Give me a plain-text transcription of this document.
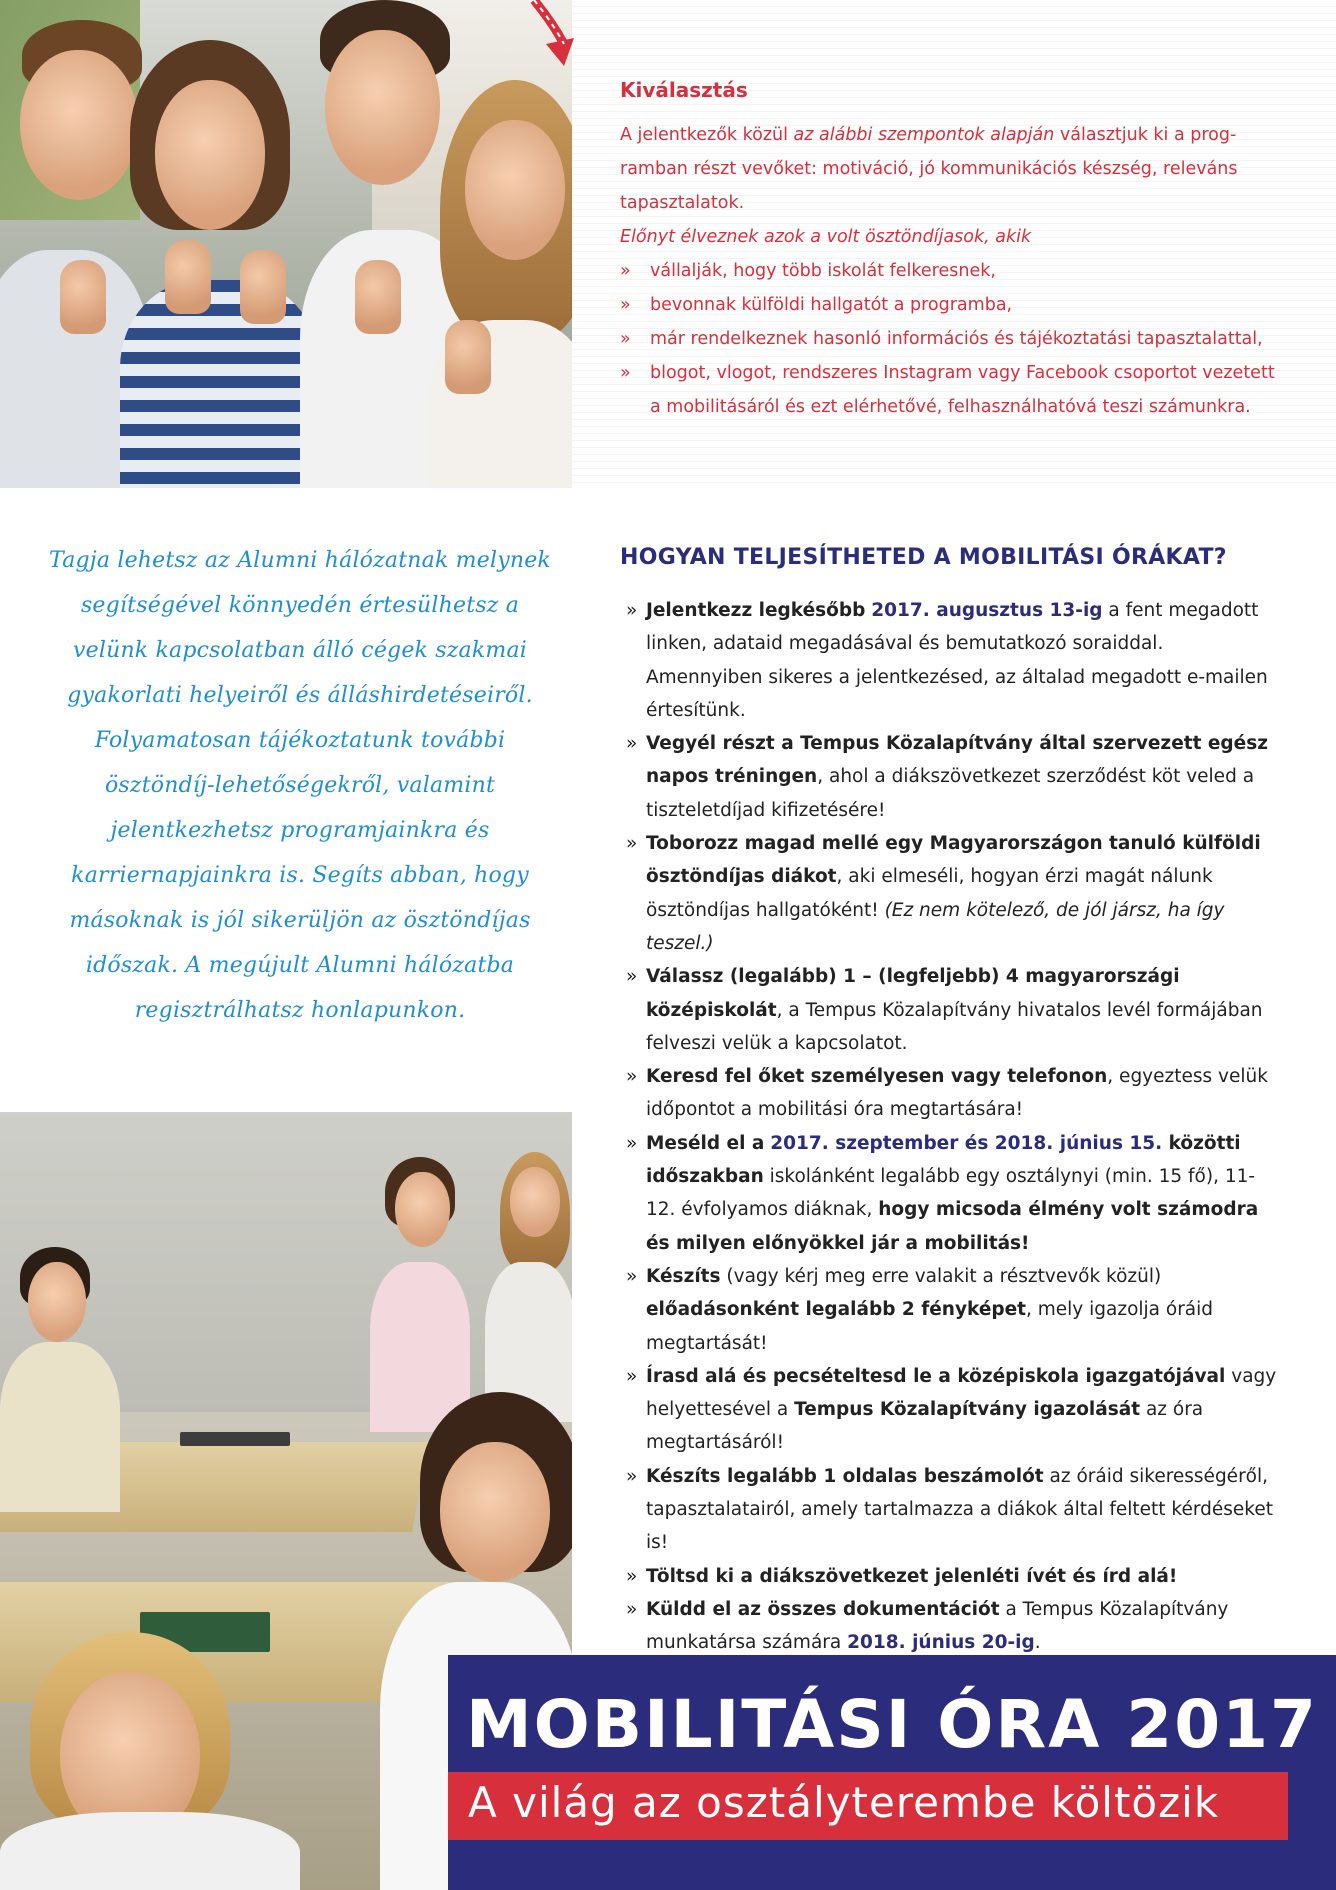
Kiválasztás

A jelentkezők közül az alábbi szempontok alapján választjuk ki a prog-ramban részt vevőket: motiváció, jó kommunikációs készség, releváns tapasztalatok.

Előnyt élveznek azok a volt ösztöndíjasok, akik

» vállalják, hogy több iskolát felkeresnek,
» bevonnak külföldi hallgatót a programba,
» már rendelkeznek hasonló információs és tájékoztatási tapasztalattal,
» blogot, vlogot, rendszeres Instagram vagy Facebook csoportot vezetett a mobilitásáról és ezt elérhetővé, felhasználhatóvá teszi számunkra.
Tagja lehetsz az Alumni hálózatnak melynek segítségével könnyedén értesülhetsz a velünk kapcsolatban álló cégek szakmai gyakorlati helyeiről és álláshirdetéseiről. Folyamatosan tájékoztatunk további ösztöndíj-lehetőségekről, valamint jelentkezhetsz programjainkra és karriernapjainkra is. Segíts abban, hogy másoknak is jól sikerüljön az ösztöndíjas időszak. A megújult Alumni hálózatba regisztrálhatsz honlapunkon.
HOGYAN TELJESÍTHETED A MOBILITÁSI ÓRÁKAT?
» Jelentkezz legkésőbb 2017. augusztus 13-ig a fent megadott linken, adataid megadásával és bemutatkozó soraiddal. Amennyiben sikeres a jelentkezésed, az általad megadott e-mailen értesítünk.
» Vegyél részt a Tempus Közalapítvány által szervezett egész napos tréningen, ahol a diákszövetkezet szerződést köt veled a tiszteletdíjad kifizetésére!
» Toborozz magad mellé egy Magyarországon tanuló külföldi ösztöndíjas diákot, aki elmeséli, hogyan érzi magát nálunk ösztöndíjas hallgatóként! (Ez nem kötelező, de jól jársz, ha így teszel.)
» Válassz (legalább) 1 – (legfeljebb) 4 magyarországi középiskolát, a Tempus Közalapítvány hivatalos levél formájában felveszi velük a kapcsolatot.
» Keresd fel őket személyesen vagy telefonon, egyeztess velük időpontot a mobilitási óra megtartására!
» Meséld el a 2017. szeptember és 2018. június 15. közötti időszakban iskolánként legalább egy osztálynyi (min. 15 fő), 11-12. évfolyamos diáknak, hogy micsoda élmény volt számodra és milyen előnyökkel jár a mobilitás!
» Készíts (vagy kérj meg erre valakit a résztvevők közül) előadásonként legalább 2 fényképet, mely igazolja óráid megtartását!
» Írasd alá és pecsételtesd le a középiskola igazgatójával vagy helyettesével a Tempus Közalapítvány igazolását az óra megtartásáról!
» Készíts legalább 1 oldalas beszámolót az óráid sikerességéről, tapasztalatairól, amely tartalmazza a diákok által feltett kérdéseket is!
» Töltsd ki a diákszövetkezet jelenléti ívét és írd alá!
» Küldd el az összes dokumentációt a Tempus Közalapítvány munkatársa számára 2018. június 20-ig.
MOBILITÁSI ÓRA 2017
A világ az osztályterembe költözik
